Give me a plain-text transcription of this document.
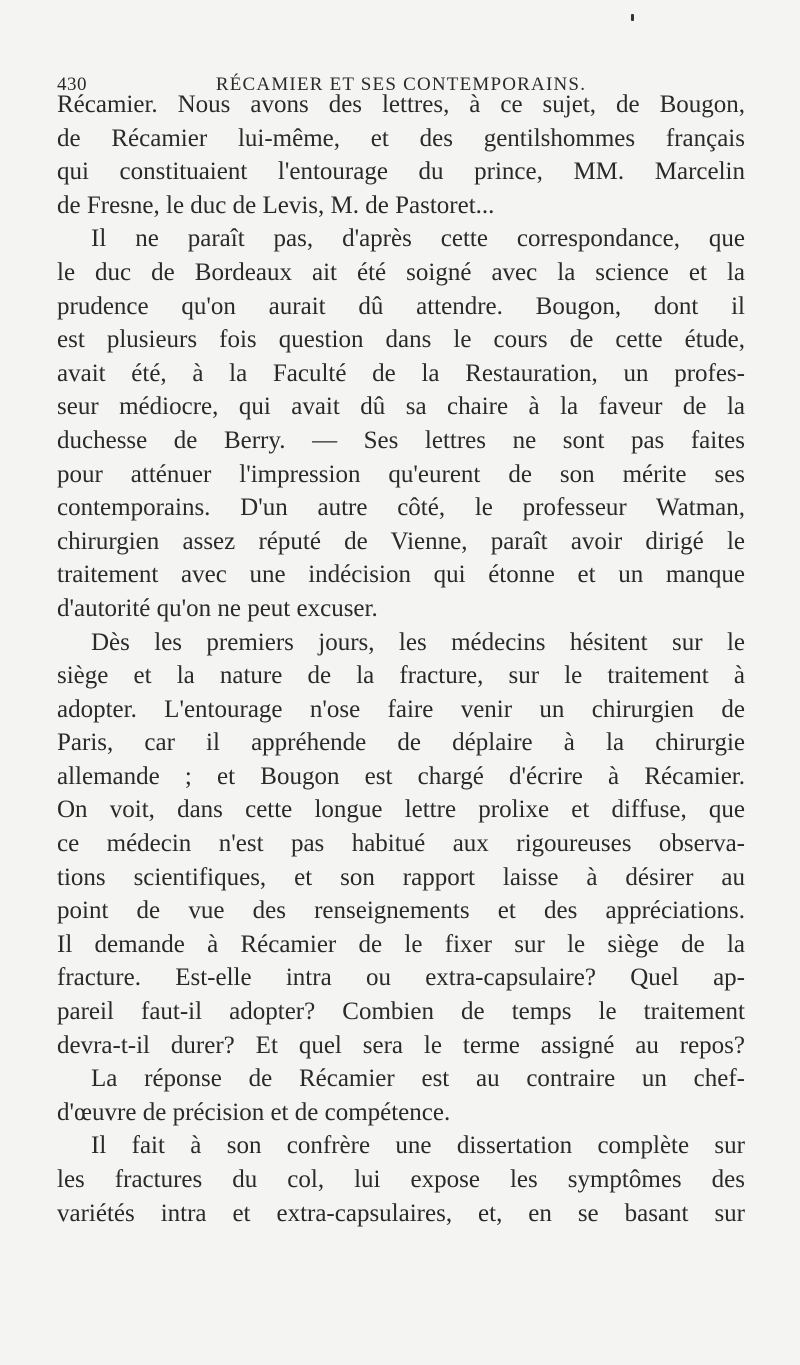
430	RÉCAMIER ET SES CONTEMPORAINS.
Récamier. Nous avons des lettres, à ce sujet, de Bougon,
de Récamier lui-même, et des gentilshommes français
qui constituaient l'entourage du prince, MM. Marcelin
de Fresne, le duc de Levis, M. de Pastoret...
Il ne paraît pas, d'après cette correspondance, que
le duc de Bordeaux ait été soigné avec la science et la
prudence qu'on aurait dû attendre. Bougon, dont il
est plusieurs fois question dans le cours de cette étude,
avait été, à la Faculté de la Restauration, un profes-
seur médiocre, qui avait dû sa chaire à la faveur de la
duchesse de Berry. — Ses lettres ne sont pas faites
pour atténuer l'impression qu'eurent de son mérite ses
contemporains. D'un autre côté, le professeur Watman,
chirurgien assez réputé de Vienne, paraît avoir dirigé le
traitement avec une indécision qui étonne et un manque
d'autorité qu'on ne peut excuser.
Dès les premiers jours, les médecins hésitent sur le
siège et la nature de la fracture, sur le traitement à
adopter. L'entourage n'ose faire venir un chirurgien de
Paris, car il appréhende de déplaire à la chirurgie
allemande ; et Bougon est chargé d'écrire à Récamier.
On voit, dans cette longue lettre prolixe et diffuse, que
ce médecin n'est pas habitué aux rigoureuses observa-
tions scientifiques, et son rapport laisse à désirer au
point de vue des renseignements et des appréciations.
Il demande à Récamier de le fixer sur le siège de la
fracture. Est-elle intra ou extra-capsulaire? Quel ap-
pareil faut-il adopter? Combien de temps le traitement
devra-t-il durer? Et quel sera le terme assigné au repos?
La réponse de Récamier est au contraire un chef-
d'œuvre de précision et de compétence.
Il fait à son confrère une dissertation complète sur
les fractures du col, lui expose les symptômes des
variétés intra et extra-capsulaires, et, en se basant sur
